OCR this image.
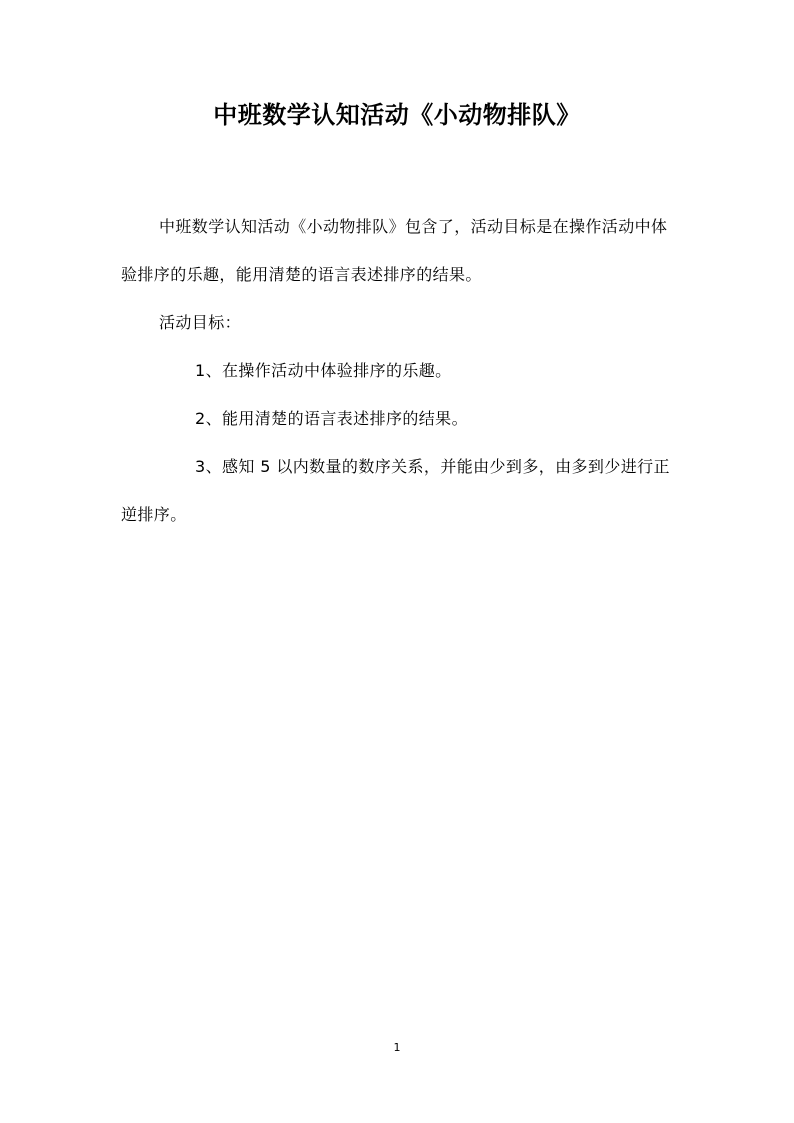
中班数学认知活动《小动物排队》
中班数学认知活动《小动物排队》包含了，活动目标是在操作活动中体验排序的乐趣，能用清楚的语言表述排序的结果。
活动目标：
1、在操作活动中体验排序的乐趣。
2、能用清楚的语言表述排序的结果。
3、感知 5 以内数量的数序关系，并能由少到多，由多到少进行正逆排序。
1
